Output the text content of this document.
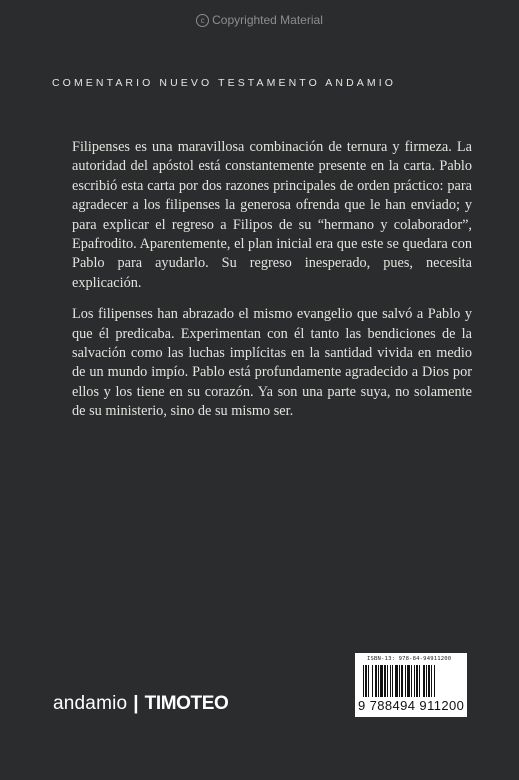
c Copyrighted Material
COMENTARIO NUEVO TESTAMENTO ANDAMIO

Filipenses es una maravillosa combinación de ternura y firmeza. La autoridad del apóstol está constantemente presente en la carta. Pablo escribió esta carta por dos razones principales de orden práctico: para agradecer a los filipenses la generosa ofrenda que le han enviado; y para explicar el regreso a Filipos de su “hermano y colaborador”, Epafrodito. Aparentemente, el plan inicial era que este se quedara con Pablo para ayudarlo. Su regreso inesperado, pues, necesita explicación.

Los filipenses han abrazado el mismo evangelio que salvó a Pablo y que él predicaba. Experimentan con él tanto las bendiciones de la salvación como las luchas implícitas en la santidad vivida en medio de un mundo impío. Pablo está profundamente agradecido a Dios por ellos y los tiene en su corazón. Ya son una parte suya, no solamente de su ministerio, sino de su mismo ser.

andamio | TIMOTEO
ISBN-13: 978-84-94911200
9 788494 911200
